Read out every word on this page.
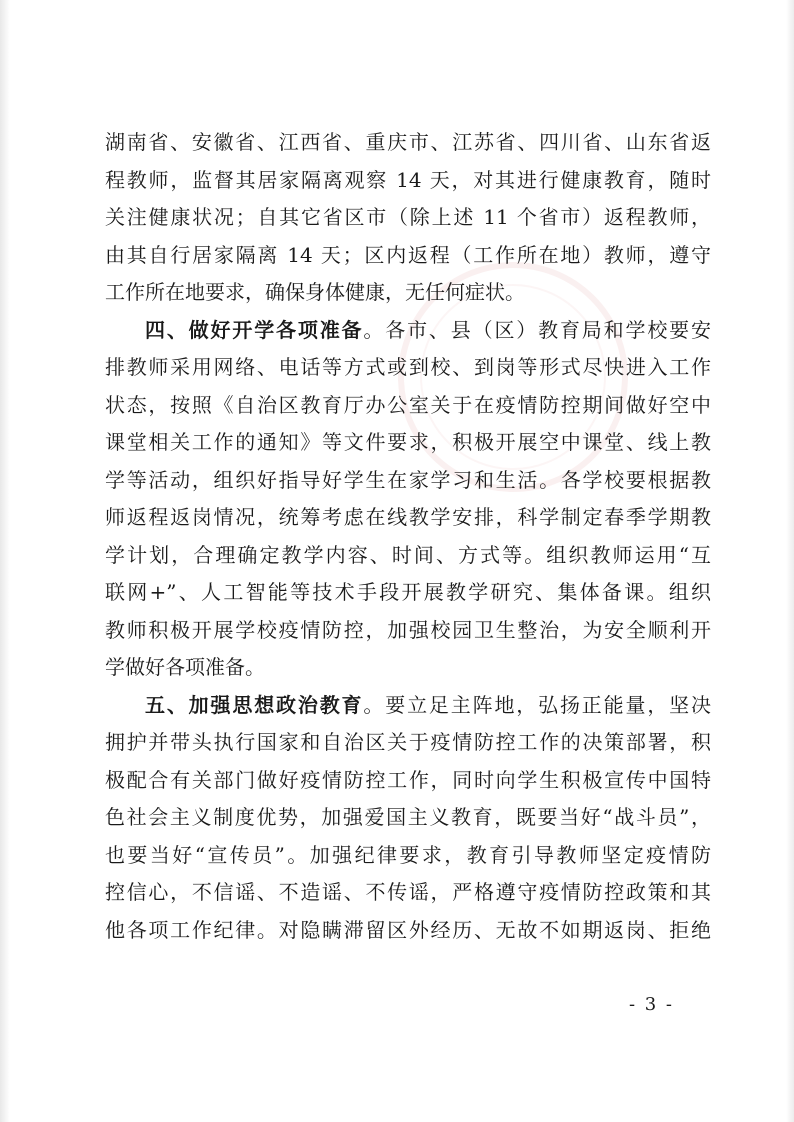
湖南省、安徽省、江西省、重庆市、江苏省、四川省、山东省返
程教师，监督其居家隔离观察 14 天，对其进行健康教育，随时
关注健康状况；自其它省区市（除上述 11 个省市）返程教师，
由其自行居家隔离 14 天；区内返程（工作所在地）教师，遵守
工作所在地要求，确保身体健康，无任何症状。
四、做好开学各项准备。各市、县（区）教育局和学校要安
排教师采用网络、电话等方式或到校、到岗等形式尽快进入工作
状态，按照《自治区教育厅办公室关于在疫情防控期间做好空中
课堂相关工作的通知》等文件要求，积极开展空中课堂、线上教
学等活动，组织好指导好学生在家学习和生活。各学校要根据教
师返程返岗情况，统筹考虑在线教学安排，科学制定春季学期教
学计划，合理确定教学内容、时间、方式等。组织教师运用“互
联网+”、人工智能等技术手段开展教学研究、集体备课。组织
教师积极开展学校疫情防控，加强校园卫生整治，为安全顺利开
学做好各项准备。
五、加强思想政治教育。要立足主阵地，弘扬正能量，坚决
拥护并带头执行国家和自治区关于疫情防控工作的决策部署，积
极配合有关部门做好疫情防控工作，同时向学生积极宣传中国特
色社会主义制度优势，加强爱国主义教育，既要当好“战斗员”，
也要当好“宣传员”。加强纪律要求，教育引导教师坚定疫情防
控信心，不信谣、不造谣、不传谣，严格遵守疫情防控政策和其
他各项工作纪律。对隐瞒滞留区外经历、无故不如期返岗、拒绝
- 3 -
